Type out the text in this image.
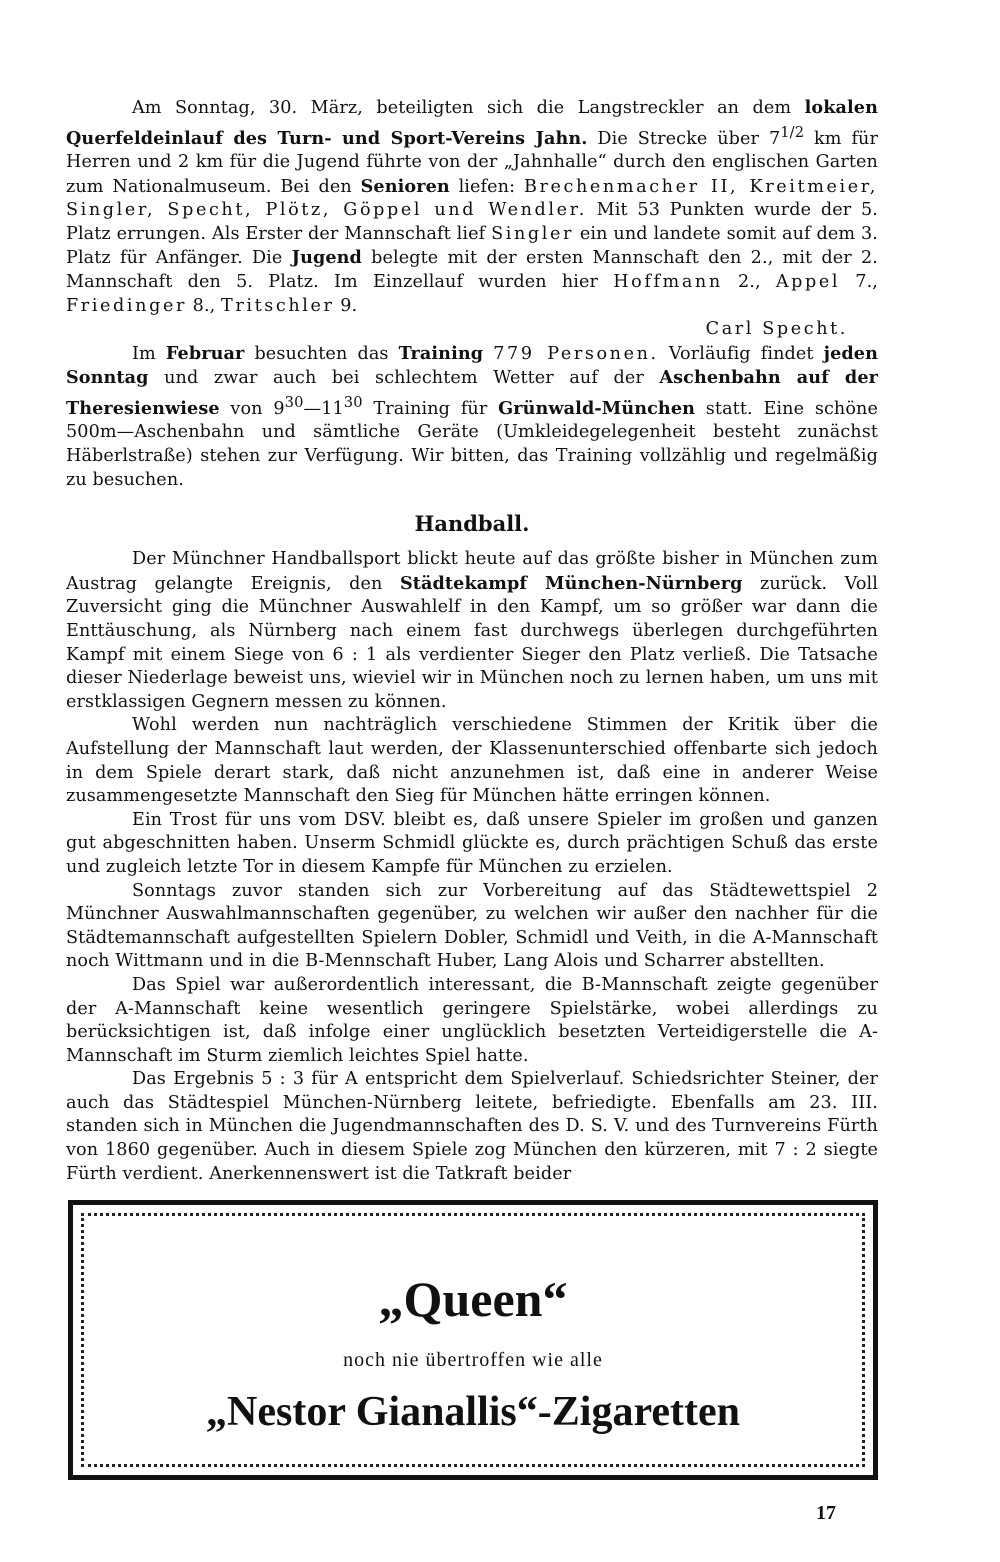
Am Sonntag, 30. März, beteiligten sich die Langstreckler an dem lokalen Querfeldeinlauf des Turn- und Sport-Vereins Jahn. Die Strecke über $7^{1/2}$ km für Herren und 2 km für die Jugend führte von der „Jahnhalle“ durch den englischen Garten zum Nationalmuseum. Bei den Senioren liefen: Brechenmacher II, Kreitmeier, Singler, Specht, Plötz, Göppel und Wendler. Mit 53 Punkten wurde der 5. Platz errungen. Als Erster der Mannschaft lief Singler ein und landete somit auf dem 3. Platz für Anfänger. Die Jugend belegte mit der ersten Mannschaft den 2., mit der 2. Mannschaft den 5. Platz. Im Einzellauf wurden hier Hoffmann 2., Appel 7., Friedinger 8., Tritschler 9.

Carl Specht.

Im Februar besuchten das Training 779 Personen. Vorläufig findet jeden Sonntag und zwar auch bei schlechtem Wetter auf der Aschenbahn auf der Theresienwiese von $9^{30}—11^{30}$ Training für Grünwald-München statt. Eine schöne 500m—Aschenbahn und sämtliche Geräte (Umkleidegelegenheit besteht zunächst Häberlstraße) stehen zur Verfügung. Wir bitten, das Training vollzählig und regelmäßig zu besuchen.

Handball.

Der Münchner Handballsport blickt heute auf das größte bisher in München zum Austrag gelangte Ereignis, den Städtekampf München-Nürnberg zurück. Voll Zuversicht ging die Münchner Auswahlelf in den Kampf, um so größer war dann die Enttäuschung, als Nürnberg nach einem fast durchwegs überlegen durchgeführten Kampf mit einem Siege von 6 : 1 als verdienter Sieger den Platz verließ. Die Tatsache dieser Niederlage beweist uns, wieviel wir in München noch zu lernen haben, um uns mit erstklassigen Gegnern messen zu können.

Wohl werden nun nachträglich verschiedene Stimmen der Kritik über die Aufstellung der Mannschaft laut werden, der Klassenunterschied offenbarte sich jedoch in dem Spiele derart stark, daß nicht anzunehmen ist, daß eine in anderer Weise zusammengesetzte Mannschaft den Sieg für München hätte erringen können.

Ein Trost für uns vom DSV. bleibt es, daß unsere Spieler im großen und ganzen gut abgeschnitten haben. Unserm Schmidl glückte es, durch prächtigen Schuß das erste und zugleich letzte Tor in diesem Kampfe für München zu erzielen.

Sonntags zuvor standen sich zur Vorbereitung auf das Städtewettspiel 2 Münchner Auswahlmannschaften gegenüber, zu welchen wir außer den nachher für die Städtemannschaft aufgestellten Spielern Dobler, Schmidl und Veith, in die A-Mannschaft noch Wittmann und in die B-Mennschaft Huber, Lang Alois und Scharrer abstellten.

Das Spiel war außerordentlich interessant, die B-Mannschaft zeigte gegenüber der A-Mannschaft keine wesentlich geringere Spielstärke, wobei allerdings zu berücksichtigen ist, daß infolge einer unglücklich besetzten Verteidigerstelle die A-Mannschaft im Sturm ziemlich leichtes Spiel hatte.

Das Ergebnis 5 : 3 für A entspricht dem Spielverlauf. Schiedsrichter Steiner, der auch das Städtespiel München-Nürnberg leitete, befriedigte. Ebenfalls am 23. III. standen sich in München die Jugendmannschaften des D. S. V. und des Turnvereins Fürth von 1860 gegenüber. Auch in diesem Spiele zog München den kürzeren, mit 7 : 2 siegte Fürth verdient. Anerkennenswert ist die Tatkraft beider

„Queen“
noch nie übertroffen wie alle
„Nestor Gianallis“-Zigaretten
17
